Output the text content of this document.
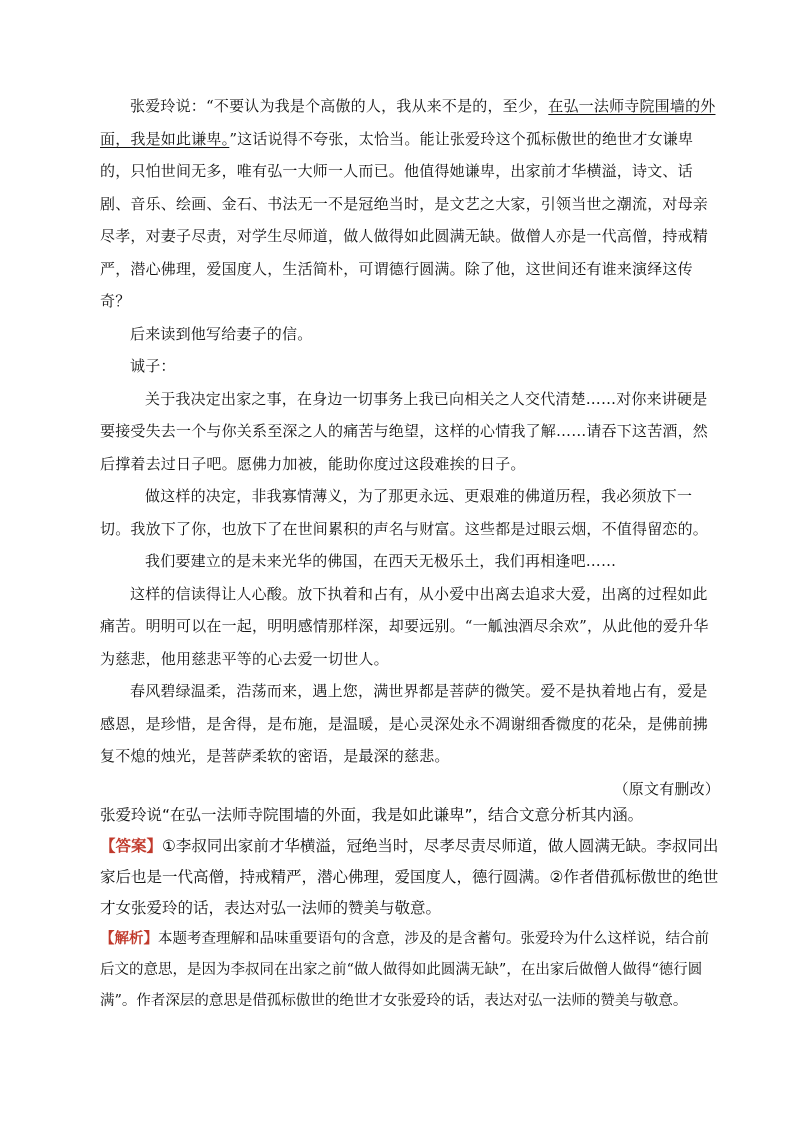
张爱玲说：“不要认为我是个高傲的人，我从来不是的，至少，在弘一法师寺院围墙的外面，我是如此谦卑。”这话说得不夸张，太恰当。能让张爱玲这个孤标傲世的绝世才女谦卑的，只怕世间无多，唯有弘一大师一人而已。他值得她谦卑，出家前才华横溢，诗文、话剧、音乐、绘画、金石、书法无一不是冠绝当时，是文艺之大家，引领当世之潮流，对母亲尽孝，对妻子尽责，对学生尽师道，做人做得如此圆满无缺。做僧人亦是一代高僧，持戒精严，潜心佛理，爱国度人，生活简朴，可谓德行圆满。除了他，这世间还有谁来演绎这传奇？

后来读到他写给妻子的信。

诚子：

关于我决定出家之事，在身边一切事务上我已向相关之人交代清楚……对你来讲硬是要接受失去一个与你关系至深之人的痛苦与绝望，这样的心情我了解……请吞下这苦酒，然后撑着去过日子吧。愿佛力加被，能助你度过这段难挨的日子。

做这样的决定，非我寡情薄义，为了那更永远、更艰难的佛道历程，我必须放下一切。我放下了你，也放下了在世间累积的声名与财富。这些都是过眼云烟，不值得留恋的。

我们要建立的是未来光华的佛国，在西天无极乐土，我们再相逢吧……

这样的信读得让人心酸。放下执着和占有，从小爱中出离去追求大爱，出离的过程如此痛苦。明明可以在一起，明明感情那样深，却要远别。“一觚浊酒尽余欢”，从此他的爱升华为慈悲，他用慈悲平等的心去爱一切世人。

春风碧绿温柔，浩荡而来，遇上您，满世界都是菩萨的微笑。爱不是执着地占有，爱是感恩，是珍惜，是舍得，是布施，是温暖，是心灵深处永不凋谢细香微度的花朵，是佛前拂复不熄的烛光，是菩萨柔软的密语，是最深的慈悲。

（原文有删改）

张爱玲说“在弘一法师寺院围墙的外面，我是如此谦卑”，结合文意分析其内涵。

【答案】①李叔同出家前才华横溢，冠绝当时，尽孝尽责尽师道，做人圆满无缺。李叔同出家后也是一代高僧，持戒精严，潜心佛理，爱国度人，德行圆满。②作者借孤标傲世的绝世才女张爱玲的话，表达对弘一法师的赞美与敬意。

【解析】本题考查理解和品味重要语句的含意，涉及的是含蓄句。张爱玲为什么这样说，结合前后文的意思，是因为李叔同在出家之前“做人做得如此圆满无缺”，在出家后做僧人做得“德行圆满”。作者深层的意思是借孤标傲世的绝世才女张爱玲的话，表达对弘一法师的赞美与敬意。
